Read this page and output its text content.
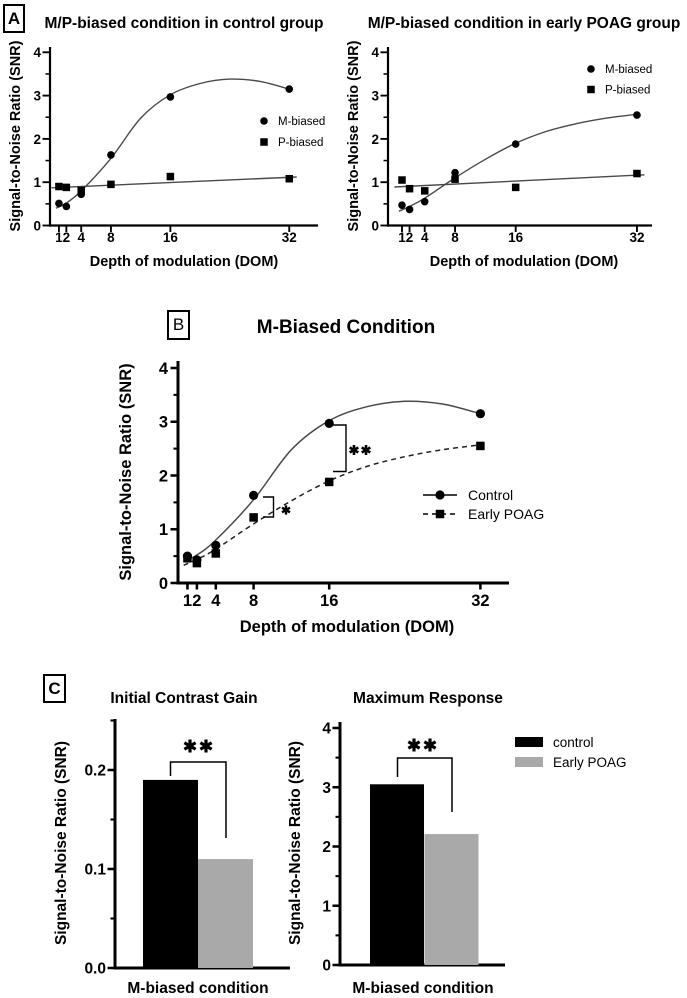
A
B
C
0
1
2
3
4
1 2 4 8	16	32
M-biased
P-biased
M/P-biased condition in control group
Depth of modulation (DOM)
Signal-to-Noise Ratio (SNR)	0
1
2
3
4
1 2 4 8	16	32
M-biased
P-biased
M/P-biased condition in early POAG group
Depth of modulation (DOM)
Signal-to-Noise Ratio (SNR)
0
1
2
3
4
1 2 4 8	16	32
Control
Early POAG
M-Biased Condition
Depth of modulation (DOM)
Signal-to-Noise Ratio (SNR)
0.0
0.1
0.2
Initial Contrast Gain
M-biased condition
Signal-to-Noise Ratio (SNR)
0
1
2
3
4
Maximum Response
M-biased condition
Signal-to-Noise Ratio (SNR)	control
Early POAG
